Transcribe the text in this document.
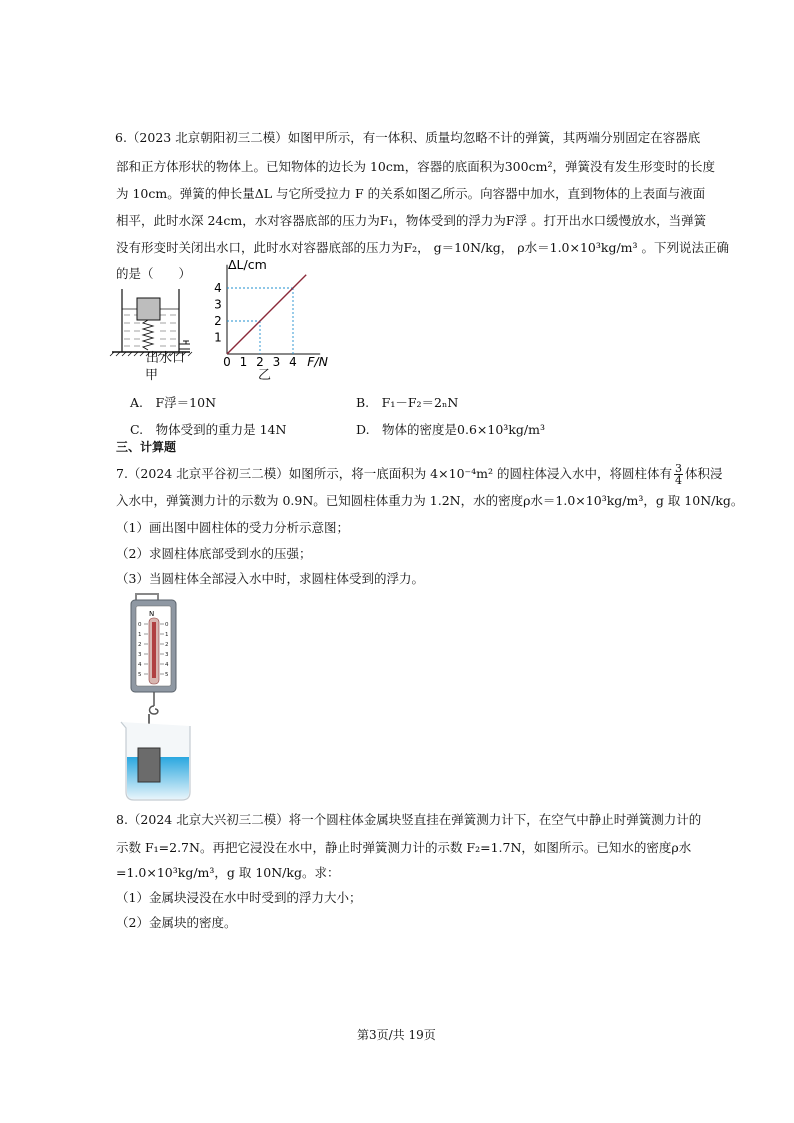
6.（2023 北京朝阳初三二模）如图甲所示，有一体积、质量均忽略不计的弹簧，其两端分别固定在容器底
部和正方体形状的物体上。已知物体的边长为 10cm，容器的底面积为300cm²，弹簧没有发生形变时的长度
为 10cm。弹簧的伸长量ΔL 与它所受拉力 F 的关系如图乙所示。向容器中加水，直到物体的上表面与液面
相平，此时水深 24cm，水对容器底部的压力为F₁，物体受到的浮力为F浮 。打开出水口缓慢放水，当弹簧
没有形变时关闭出水口，此时水对容器底部的压力为F₂， g＝10N/kg， ρ水＝1.0×10³kg/m³ 。下列说法正确
的是（　　）
出水口
甲
0 1 2 3 4
1
2
3
4
ΔL/cm
F/N
乙
A.　F浮＝10N	B.　F₁－F₂＝2ₙN
C.　物体受到的重力是 14N	D.　物体的密度是0.6×10³kg/m³
三、计算题
7.（2024 北京平谷初三二模）如图所示，将一底面积为 4×10⁻⁴m² 的圆柱体浸入水中，将圆柱体有 $\frac{3}{4}$ 体积浸
入水中，弹簧测力计的示数为 0.9N。已知圆柱体重力为 1.2N，水的密度ρ水＝1.0×10³kg/m³，g 取 10N/kg。
（1）画出图中圆柱体的受力分析示意图；
（2）求圆柱体底部受到水的压强；
（3）当圆柱体全部浸入水中时，求圆柱体受到的浮力。
N
0
1
2
3
4
5
0
1
2
3
4
5
8.（2024 北京大兴初三二模）将一个圆柱体金属块竖直挂在弹簧测力计下，在空气中静止时弹簧测力计的
示数 F₁=2.7N。再把它浸没在水中，静止时弹簧测力计的示数 F₂=1.7N，如图所示。已知水的密度ρ水
=1.0×10³kg/m³，g 取 10N/kg。求：
（1）金属块浸没在水中时受到的浮力大小；
（2）金属块的密度。
第3页/共 19页
